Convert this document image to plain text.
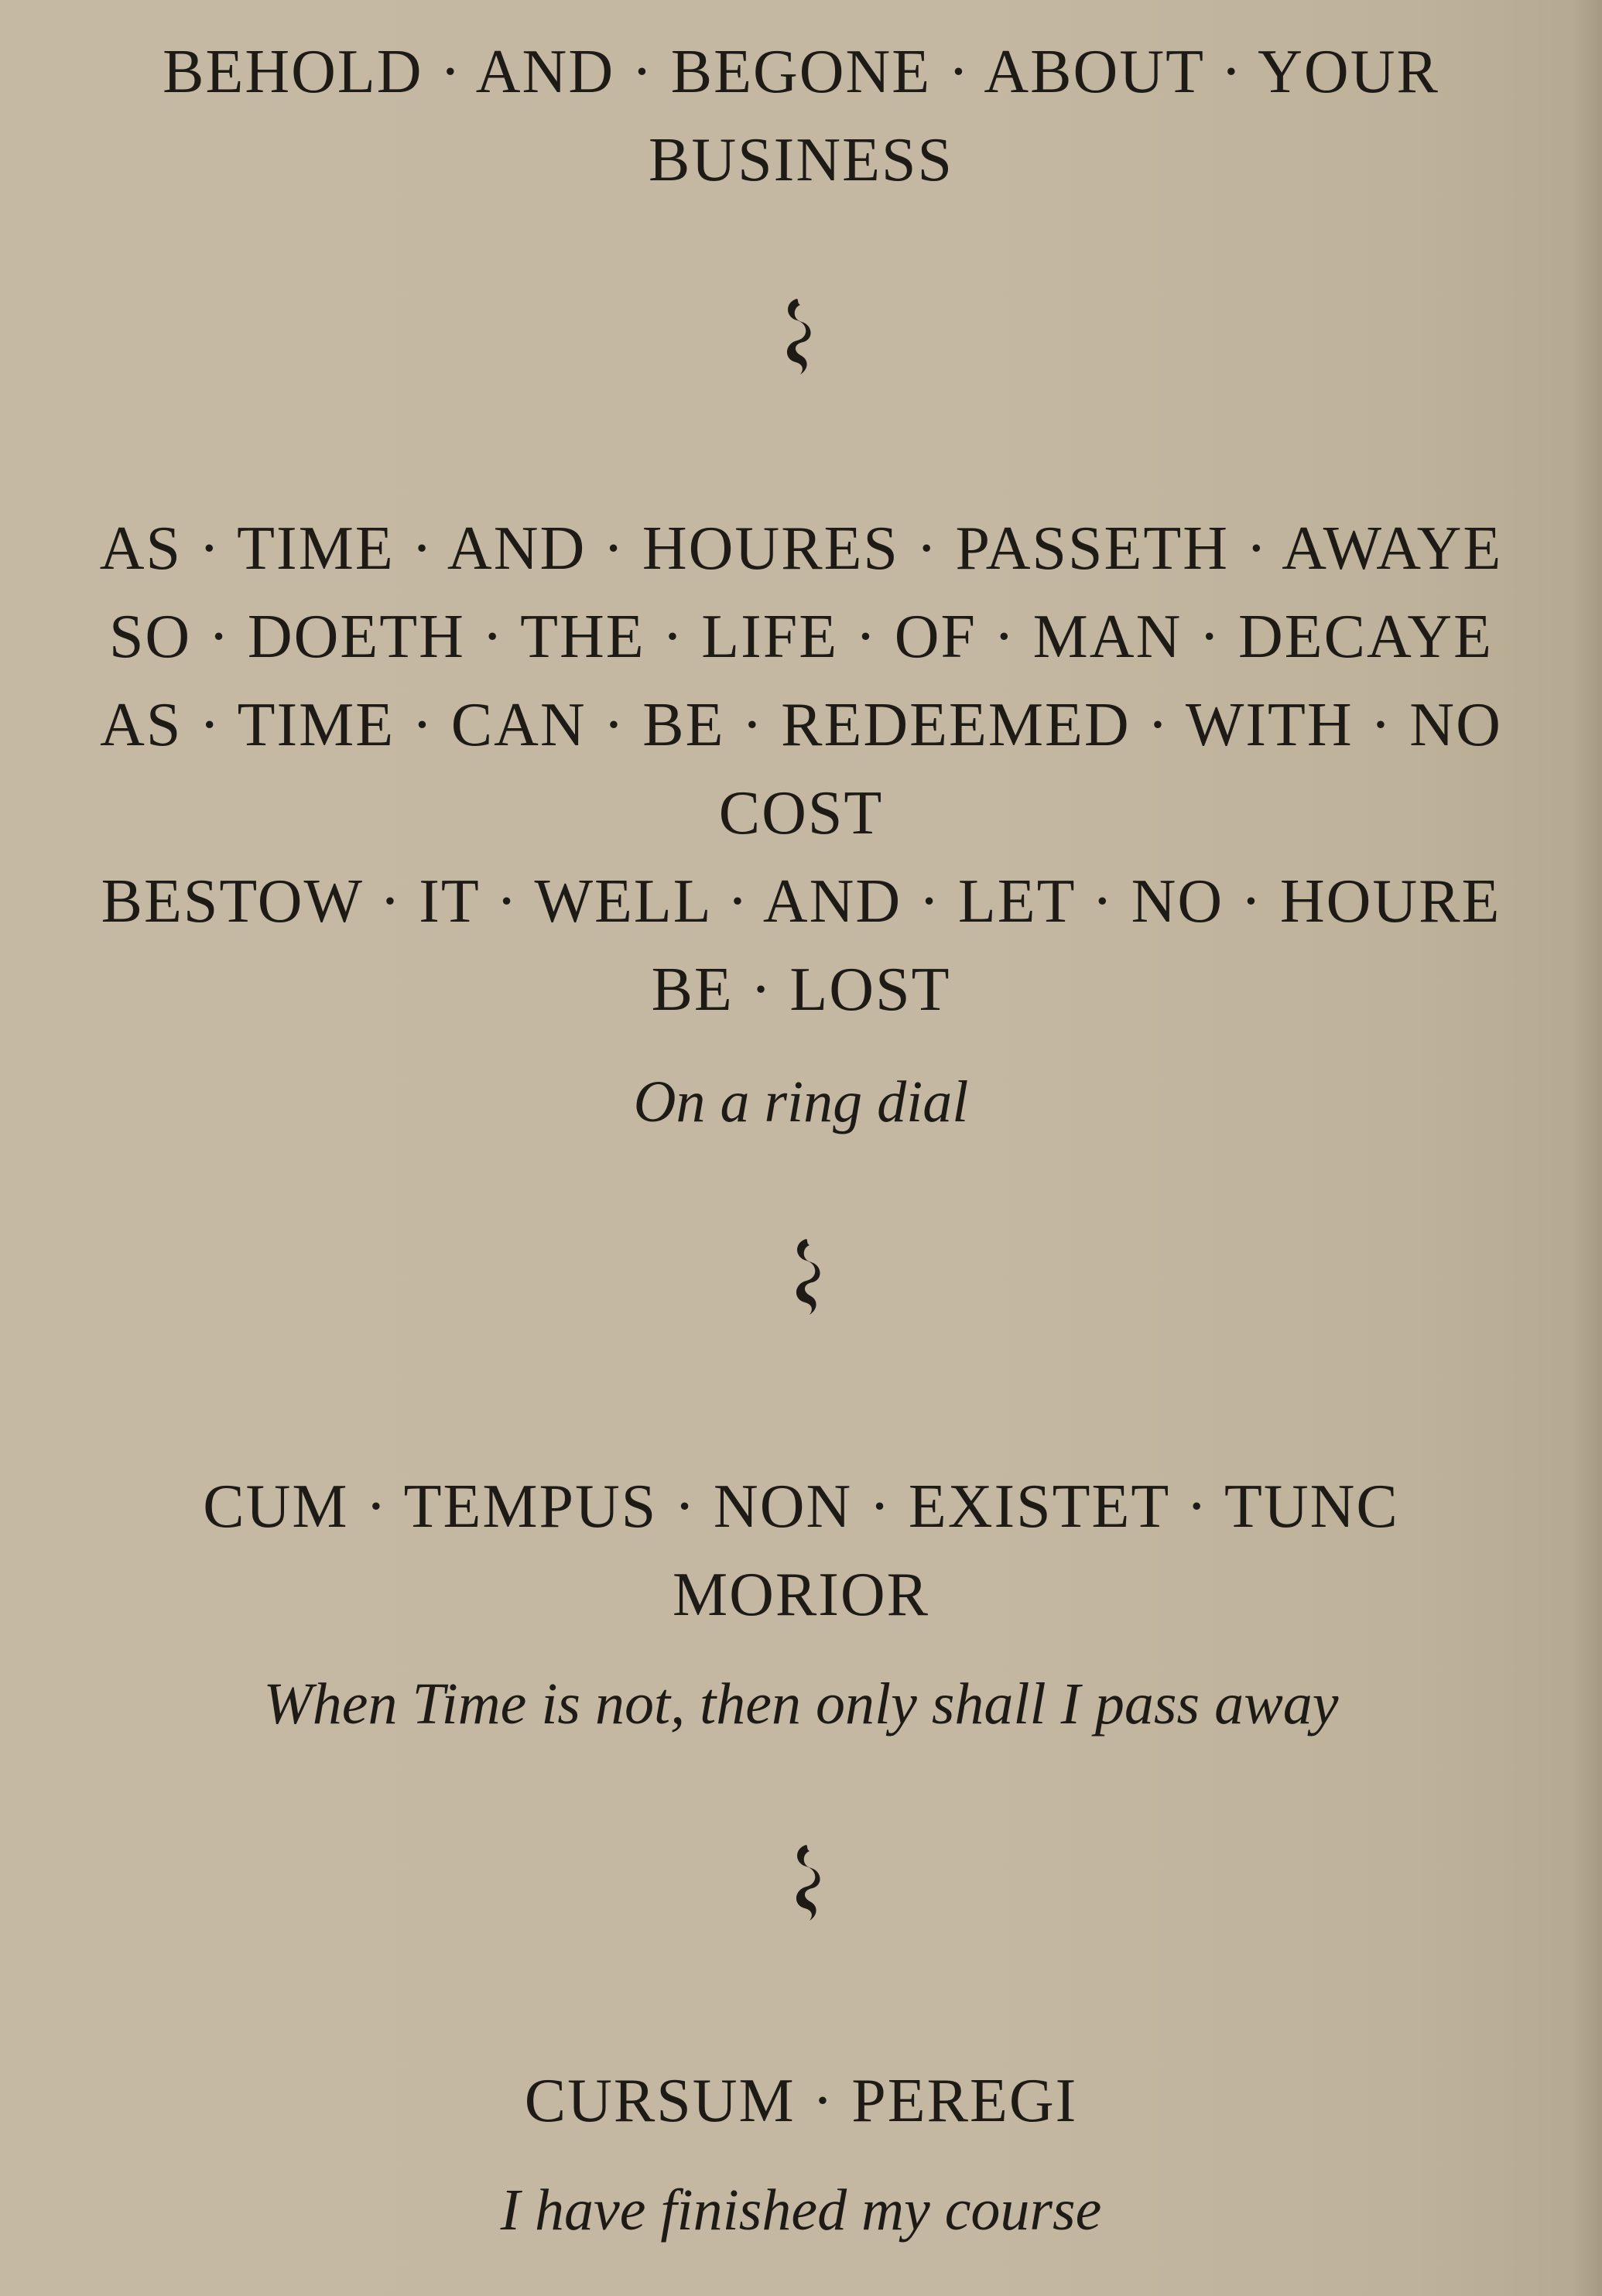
BEHOLD · AND · BEGONE · ABOUT · YOUR
BUSINESS
AS · TIME · AND · HOURES · PASSETH · AWAYE
SO · DOETH · THE · LIFE · OF · MAN · DECAYE
AS · TIME · CAN · BE · REDEEMED · WITH · NO
COST
BESTOW · IT · WELL · AND · LET · NO · HOURE
BE · LOST
On a ring dial
CUM · TEMPUS · NON · EXISTET · TUNC
MORIOR
When Time is not, then only shall I pass away
CURSUM · PEREGI
I have finished my course
